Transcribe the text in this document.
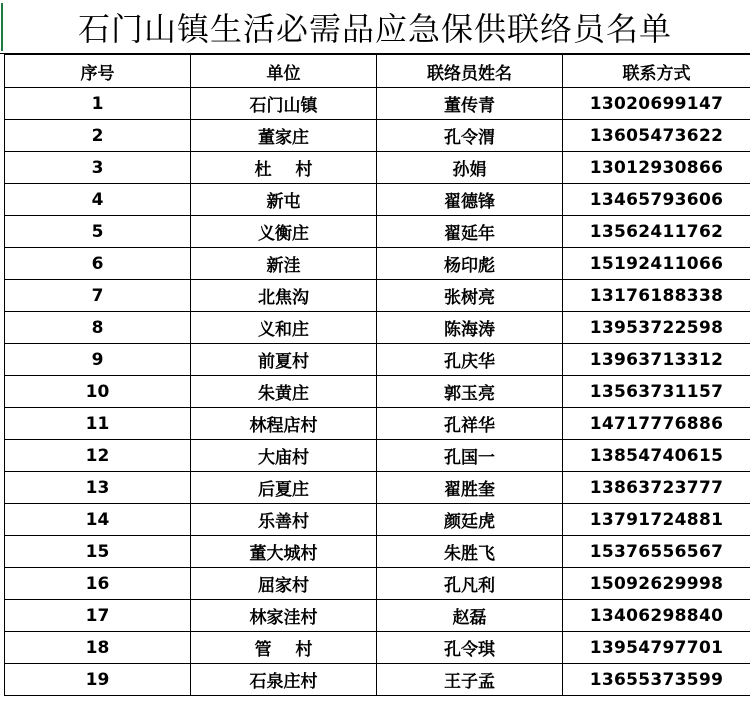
石门山镇生活必需品应急保供联络员名单
序号	单位	联络员姓名	联系方式
1	石门山镇	董传青	13020699147
2	董家庄	孔令渭	13605473622
3	杜    村	孙娟	13012930866
4	新屯	翟德锋	13465793606
5	义衡庄	翟延年	13562411762
6	新洼	杨印彪	15192411066
7	北焦沟	张树亮	13176188338
8	义和庄	陈海涛	13953722598
9	前夏村	孔庆华	13963713312
10	朱黄庄	郭玉亮	13563731157
11	林程店村	孔祥华	14717776886
12	大庙村	孔国一	13854740615
13	后夏庄	翟胜奎	13863723777
14	乐善村	颜廷虎	13791724881
15	董大城村	朱胜飞	15376556567
16	屈家村	孔凡利	15092629998
17	林家洼村	赵磊	13406298840
18	管    村	孔令琪	13954797701
19	石泉庄村	王子孟	13655373599
